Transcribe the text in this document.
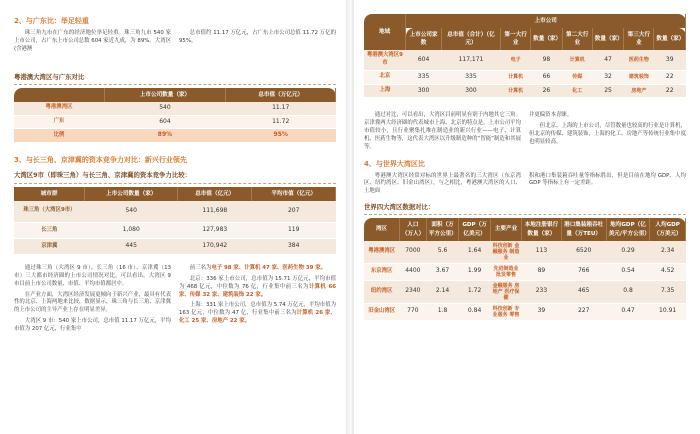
2、与广东比：举足轻重

珠三角九市在广东的经济地位举足轻重。珠三角九市 540 家上市公司，占广东上市公司总数 604 家近九成，为 89%。大湾区 (含港澳

总市值约 11.17 万亿元，占广东上市公司总值 11.72 万亿的 95%。

粤港澳大湾区与广东对比
	上市公司数量（家）	总市值（万亿元）
粤港澳湾区	540	11.17
广东	604	11.72
比例	89%	95%
3、与长三角、京津冀的资本竞争力对比：新兴行业领先
大湾区9市（即珠三角）与长三角、京津冀的资本竞争力比较：
城市群	上市公司数量（家）	总市值（亿元）	平均市值（亿元）
珠三角（大湾区9市）	540	111,698	207
长三角	1,080	127,983	119
京津冀	445	170,942	384

通过珠三角（大湾区 9 市）、长三角（16 市）、京津冀（13 市）三大都市经济圈的上市公司情况对比，可以看出，大湾区 9 市目前上市公司数量、市值、平均市值都居中。

在产业方面，大湾区经济发展更倾向于新兴产业，最具有代表性的北京、上海两地来比较，数据显示，珠三角与长三角、京津冀的上市公司的主导产业上存在明显差异。

大湾区 9 市：540 家上市公司，总市值 11.17 万亿元，平均市值为 207 亿元，行业集中

前三名为电子 98 家、计算机 47 家、医药生物 39 家。

北京：336 家上市公司，总市值为 15.71 万亿元，平均市值为 468 亿元，中位数为 76 亿，行业集中前三名为计算机 66 家、传媒 32 家、建筑装饰 22 家。

上海：331 家上市公司，总市值为 5.74 万亿元，平均市值为 163 亿元，中位数为 47 亿，行业集中前三名为计算机 26 家、化工 25 家、房地产 22 家。

地域	上市公司							
	上市公司家数	总市值（合计）（亿元）	第一大行业	数量（家）	第二大行业	数量（家）	第三大行业	数量（家）
粤港澳大湾区9市	604	117,171	电子	98	计算机	47	医药生物	39
北京	335	335	计算机	66	传媒	32	建筑装饰	22
上海	300	300	计算机	26	化工	25	房地产	22

通过对比，可以看出，大湾区目前明显有别于内地其它三角。京津冀两大经济圈的代表城市上海、北京的特点是，上市公司平均市值较小，且行业聚集扎堆在制造业的新兴行业——电子、计算机、医药生物等，这代表大湾区以升级制造种的“智能”制造和其展等。

并更偏资本青睐。

但北京、上海的上市公司，尽管数量也较高的行业是计算机，但北京的传媒、建筑装饰，上海的化工、房地产等传统行业集中度也明显较高。

4、与世界大湾区比

粤港澳大湾区经常对标的世界上最著名的三大湾区（东京湾区、纽约湾区、旧金山湾区），与之相比，粤港澳大湾区的人口、土地面

积和港口集装箱吞吐量等指标胜出，但是目前在地均 GDP、人均 GDP 等指标上有一定差距。

世界四大湾区数据对比：
湾区	人口（万人）	面积（万平方公里）	GDP（万亿美元）	主要产业	本地注册银行数量（家）	港口集装箱吞吐量（万TEU）	地均GDP（亿美元/平方公里）	人均GDP（万美元）
粤港澳湾区	7000	5.6	1.64	科技创新 金融服务 制造业	113	6520	0.29	2.34
东京湾区	4400	3.67	1.99	先进制造业 批发零售	89	766	0.54	4.52
纽约湾区	2340	2.14	1.72	金融服务 房地产 医疗保健	233	465	0.8	7.35
旧金山湾区	770	1.8	0.84	科技创新 专业服务 零售	39	227	0.47	10.91
